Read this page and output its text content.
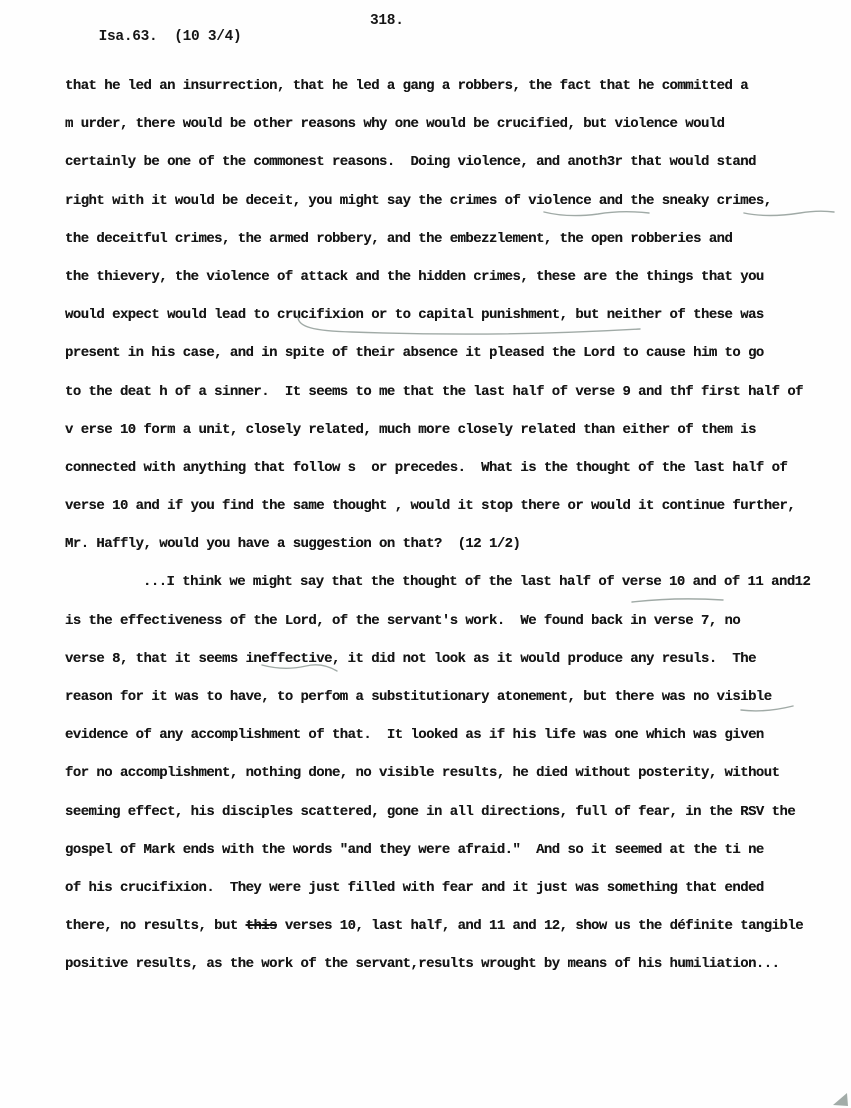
Isa.63.  (10 3/4)

318.

that he led an insurrection, that he led a gang a robbers, the fact that he committed a
m urder, there would be other reasons why one would be crucified, but violence would
certainly be one of the commonest reasons.  Doing violence, and anoth3r that would stand
right with it would be deceit, you might say the crimes of violence and the sneaky crimes,
the deceitful crimes, the armed robbery, and the embezzlement, the open robberies and
the thievery, the violence of attack and the hidden crimes, these are the things that you
would expect would lead to crucifixion or to capital punishment, but neither of these was
present in his case, and in spite of their absence it pleased the Lord to cause him to go
to the deat h of a sinner.  It seems to me that the last half of verse 9 and thf first half of
v erse 10 form a unit, closely related, much more closely related than either of them is
connected with anything that follow s  or precedes.  What is the thought of the last half of
verse 10 and if you find the same thought , would it stop there or would it continue further,
Mr. Haffly, would you have a suggestion on that?  (12 1/2)
...I think we might say that the thought of the last half of verse 10 and of 11 and12
is the effectiveness of the Lord, of the servant's work.  We found back in verse 7, no
verse 8, that it seems ineffective, it did not look as it would produce any resuls.  The
reason for it was to have, to perfom a substitutionary atonement, but there was no visible
evidence of any accomplishment of that.  It looked as if his life was one which was given
for no accomplishment, nothing done, no visible results, he died without posterity, without
seeming effect, his disciples scattered, gone in all directions, full of fear, in the RSV the
gospel of Mark ends with the words "and they were afraid."  And so it seemed at the ti ne
of his crucifixion.  They were just filled with fear and it just was something that ended
there, no results, but this verses 10, last half, and 11 and 12, show us the définite tangible
positive results, as the work of the servant,results wrought by means of his humiliation...
